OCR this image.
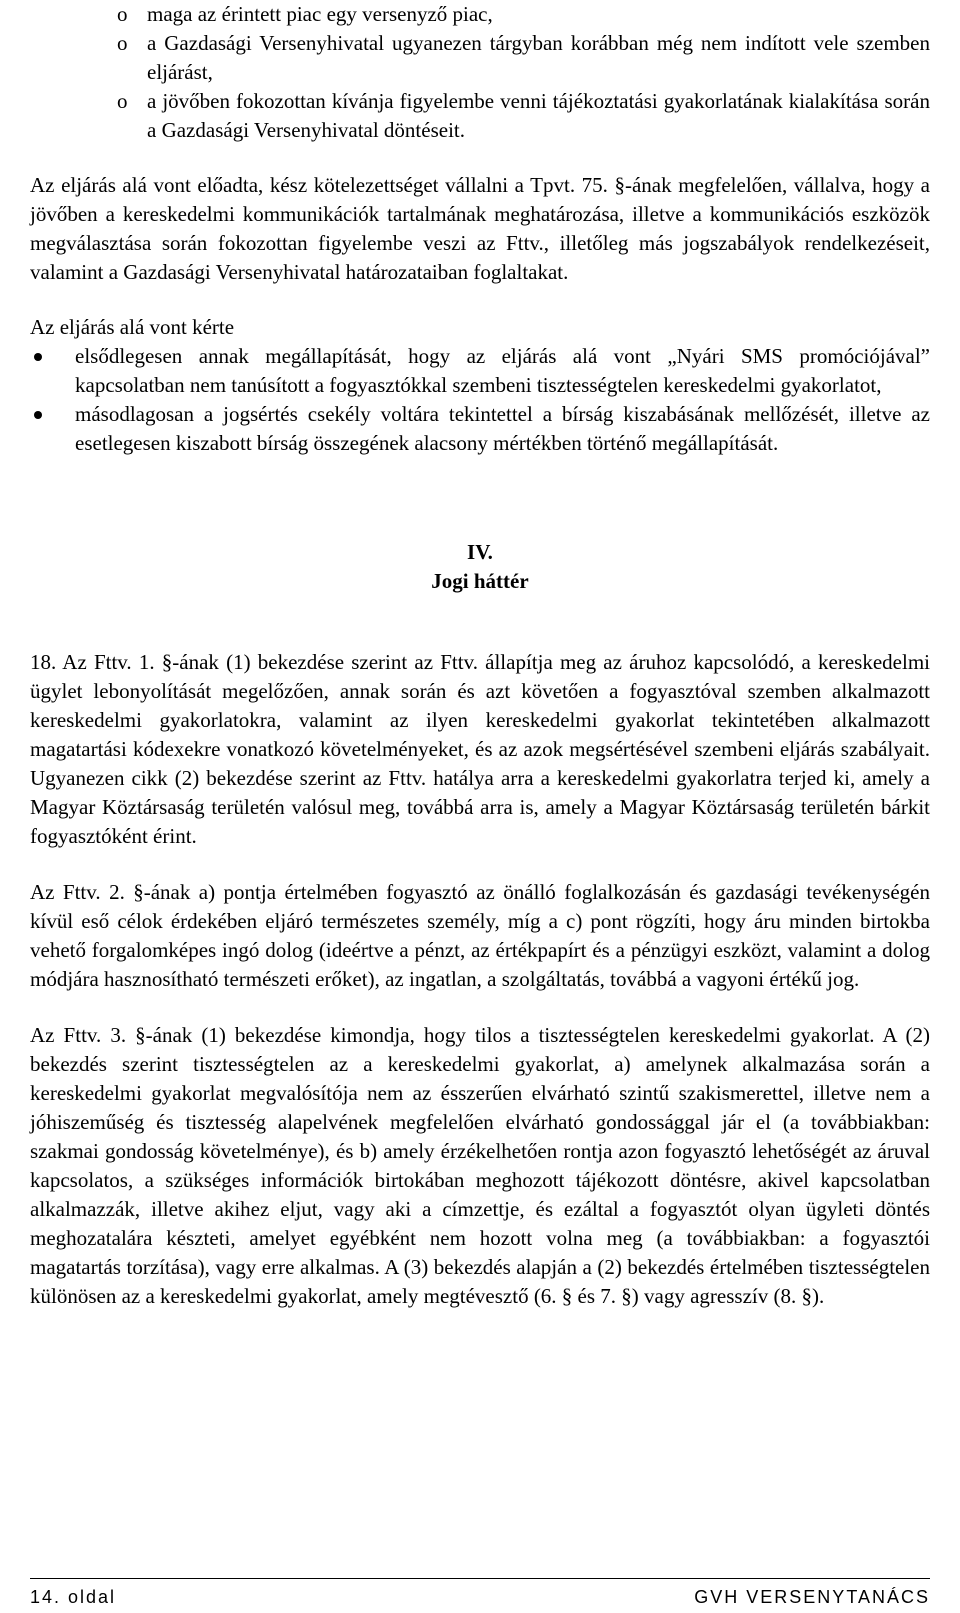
o maga az érintett piac egy versenyző piac,
o a Gazdasági Versenyhivatal ugyanezen tárgyban korábban még nem indított vele szemben eljárást,
o a jövőben fokozottan kívánja figyelembe venni tájékoztatási gyakorlatának kialakítása során a Gazdasági Versenyhivatal döntéseit.

Az eljárás alá vont előadta, kész kötelezettséget vállalni a Tpvt. 75. §-ának megfelelően, vállalva, hogy a jövőben a kereskedelmi kommunikációk tartalmának meghatározása, illetve a kommunikációs eszközök megválasztása során fokozottan figyelembe veszi az Fttv., illetőleg más jogszabályok rendelkezéseit, valamint a Gazdasági Versenyhivatal határozataiban foglaltakat.

Az eljárás alá vont kérte

elsődlegesen annak megállapítását, hogy az eljárás alá vont „Nyári SMS promóciójával” kapcsolatban nem tanúsított a fogyasztókkal szembeni tisztességtelen kereskedelmi gyakorlatot,
másodlagosan a jogsértés csekély voltára tekintettel a bírság kiszabásának mellőzését, illetve az esetlegesen kiszabott bírság összegének alacsony mértékben történő megállapítását.

IV.

Jogi háttér

18. Az Fttv. 1. §-ának (1) bekezdése szerint az Fttv. állapítja meg az áruhoz kapcsolódó, a kereskedelmi ügylet lebonyolítását megelőzően, annak során és azt követően a fogyasztóval szemben alkalmazott kereskedelmi gyakorlatokra, valamint az ilyen kereskedelmi gyakorlat tekintetében alkalmazott magatartási kódexekre vonatkozó követelményeket, és az azok megsértésével szembeni eljárás szabályait. Ugyanezen cikk (2) bekezdése szerint az Fttv. hatálya arra a kereskedelmi gyakorlatra terjed ki, amely a Magyar Köztársaság területén valósul meg, továbbá arra is, amely a Magyar Köztársaság területén bárkit fogyasztóként érint.

Az Fttv. 2. §-ának a) pontja értelmében fogyasztó az önálló foglalkozásán és gazdasági tevékenységén kívül eső célok érdekében eljáró természetes személy, míg a c) pont rögzíti, hogy áru minden birtokba vehető forgalomképes ingó dolog (ideértve a pénzt, az értékpapírt és a pénzügyi eszközt, valamint a dolog módjára hasznosítható természeti erőket), az ingatlan, a szolgáltatás, továbbá a vagyoni értékű jog.

Az Fttv. 3. §-ának (1) bekezdése kimondja, hogy tilos a tisztességtelen kereskedelmi gyakorlat. A (2) bekezdés szerint tisztességtelen az a kereskedelmi gyakorlat, a) amelynek alkalmazása során a kereskedelmi gyakorlat megvalósítója nem az ésszerűen elvárható szintű szakismerettel, illetve nem a jóhiszeműség és tisztesség alapelvének megfelelően elvárható gondossággal jár el (a továbbiakban: szakmai gondosság követelménye), és b) amely érzékelhetően rontja azon fogyasztó lehetőségét az áruval kapcsolatos, a szükséges információk birtokában meghozott tájékozott döntésre, akivel kapcsolatban alkalmazzák, illetve akihez eljut, vagy aki a címzettje, és ezáltal a fogyasztót olyan ügyleti döntés meghozatalára készteti, amelyet egyébként nem hozott volna meg (a továbbiakban: a fogyasztói magatartás torzítása), vagy erre alkalmas. A (3) bekezdés alapján a (2) bekezdés értelmében tisztességtelen különösen az a kereskedelmi gyakorlat, amely megtévesztő (6. § és 7. §) vagy agresszív (8. §).

14. oldal	GVH VERSENYTANÁCS
